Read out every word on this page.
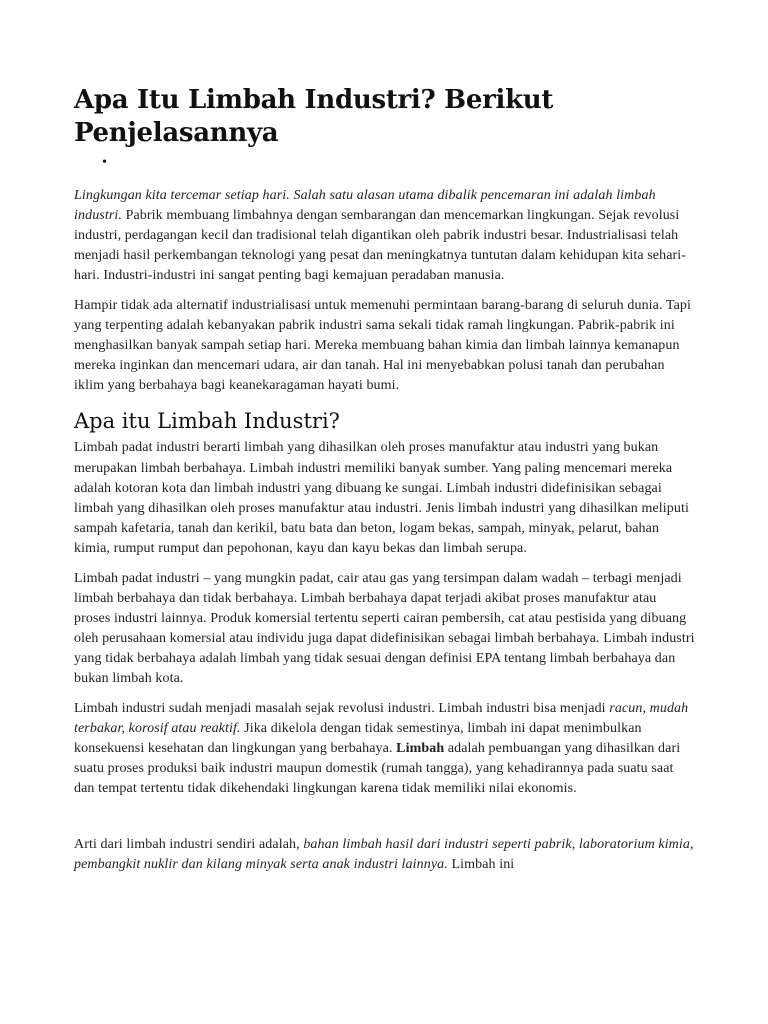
Apa Itu Limbah Industri? Berikut Penjelasannya
•

Lingkungan kita tercemar setiap hari. Salah satu alasan utama dibalik pencemaran ini adalah limbah industri. Pabrik membuang limbahnya dengan sembarangan dan mencemarkan lingkungan. Sejak revolusi industri, perdagangan kecil dan tradisional telah digantikan oleh pabrik industri besar. Industrialisasi telah menjadi hasil perkembangan teknologi yang pesat dan meningkatnya tuntutan dalam kehidupan kita sehari-hari. Industri-industri ini sangat penting bagi kemajuan peradaban manusia.

Hampir tidak ada alternatif industrialisasi untuk memenuhi permintaan barang-barang di seluruh dunia. Tapi yang terpenting adalah kebanyakan pabrik industri sama sekali tidak ramah lingkungan. Pabrik-pabrik ini menghasilkan banyak sampah setiap hari. Mereka membuang bahan kimia dan limbah lainnya kemanapun mereka inginkan dan mencemari udara, air dan tanah. Hal ini menyebabkan polusi tanah dan perubahan iklim yang berbahaya bagi keanekaragaman hayati bumi.

Apa itu Limbah Industri?

Limbah padat industri berarti limbah yang dihasilkan oleh proses manufaktur atau industri yang bukan merupakan limbah berbahaya. Limbah industri memiliki banyak sumber. Yang paling mencemari mereka adalah kotoran kota dan limbah industri yang dibuang ke sungai. Limbah industri didefinisikan sebagai limbah yang dihasilkan oleh proses manufaktur atau industri. Jenis limbah industri yang dihasilkan meliputi sampah kafetaria, tanah dan kerikil, batu bata dan beton, logam bekas, sampah, minyak, pelarut, bahan kimia, rumput rumput dan pepohonan, kayu dan kayu bekas dan limbah serupa.

Limbah padat industri – yang mungkin padat, cair atau gas yang tersimpan dalam wadah – terbagi menjadi limbah berbahaya dan tidak berbahaya. Limbah berbahaya dapat terjadi akibat proses manufaktur atau proses industri lainnya. Produk komersial tertentu seperti cairan pembersih, cat atau pestisida yang dibuang oleh perusahaan komersial atau individu juga dapat didefinisikan sebagai limbah berbahaya. Limbah industri yang tidak berbahaya adalah limbah yang tidak sesuai dengan definisi EPA tentang limbah berbahaya dan bukan limbah kota.

Limbah industri sudah menjadi masalah sejak revolusi industri. Limbah industri bisa menjadi racun, mudah terbakar, korosif atau reaktif. Jika dikelola dengan tidak semestinya, limbah ini dapat menimbulkan konsekuensi kesehatan dan lingkungan yang berbahaya. Limbah adalah pembuangan yang dihasilkan dari suatu proses produksi baik industri maupun domestik (rumah tangga), yang kehadirannya pada suatu saat dan tempat tertentu tidak dikehendaki lingkungan karena tidak memiliki nilai ekonomis.

Arti dari limbah industri sendiri adalah, bahan limbah hasil dari industri seperti pabrik, laboratorium kimia, pembangkit nuklir dan kilang minyak serta anak industri lainnya. Limbah ini
